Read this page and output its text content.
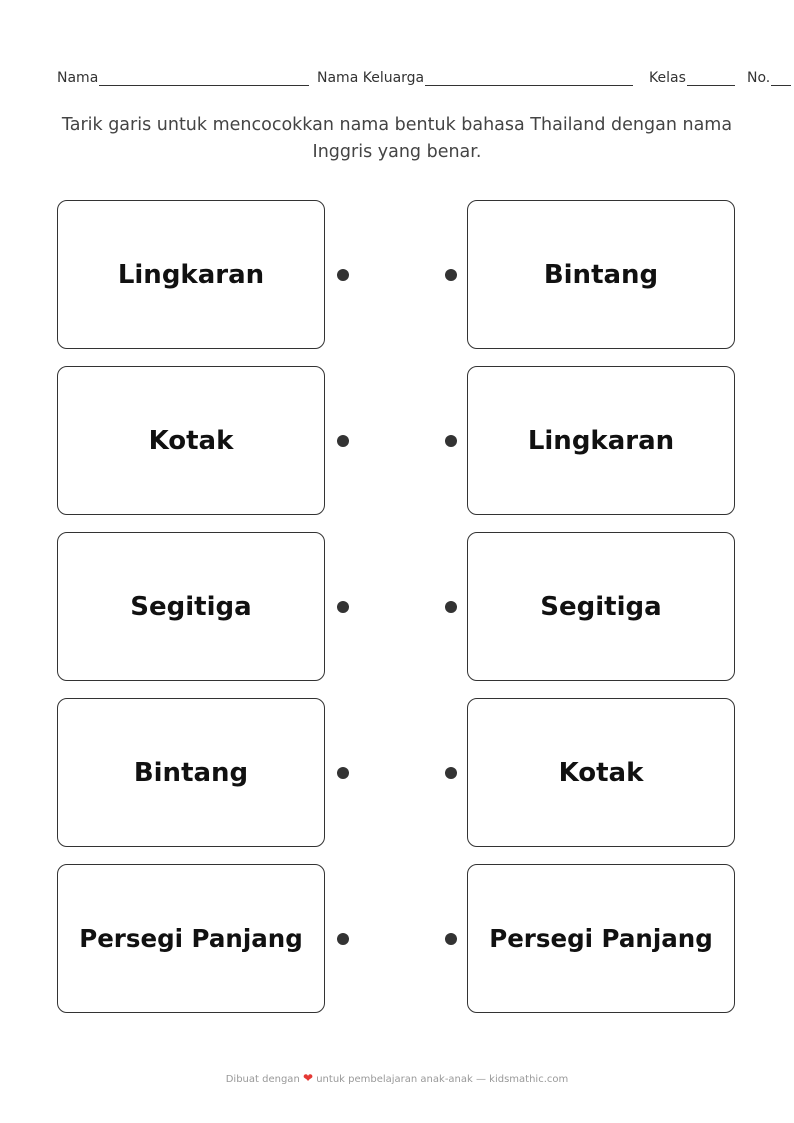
Nama	Nama Keluarga	Kelas	No.
Tarik garis untuk mencocokkan nama bentuk bahasa Thailand dengan nama Inggris yang benar.
Lingkaran
Kotak
Segitiga
Bintang
Persegi Panjang
Bintang
Lingkaran
Segitiga
Kotak
Persegi Panjang
Dibuat dengan ❤ untuk pembelajaran anak-anak — kidsmathic.com
